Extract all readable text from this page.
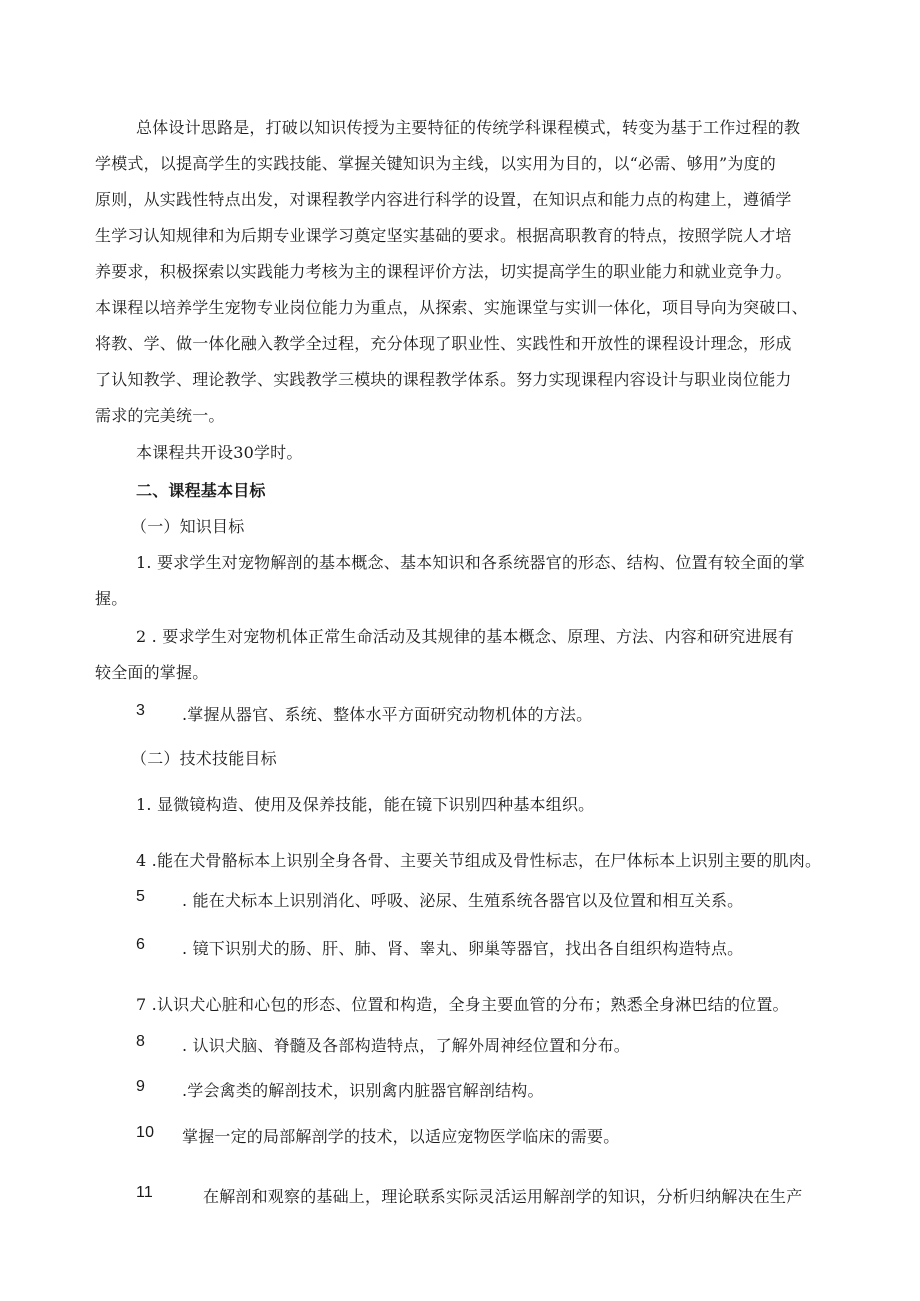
总体设计思路是，打破以知识传授为主要特征的传统学科课程模式，转变为基于工作过程的教
学模式，以提高学生的实践技能、掌握关键知识为主线，以实用为目的，以“必需、够用”为度的
原则，从实践性特点出发，对课程教学内容进行科学的设置，在知识点和能力点的构建上，遵循学
生学习认知规律和为后期专业课学习奠定坚实基础的要求。根据高职教育的特点，按照学院人才培
养要求，积极探索以实践能力考核为主的课程评价方法，切实提高学生的职业能力和就业竞争力。
本课程以培养学生宠物专业岗位能力为重点，从探索、实施课堂与实训一体化，项目导向为突破口、
将教、学、做一体化融入教学全过程，充分体现了职业性、实践性和开放性的课程设计理念，形成
了认知教学、理论教学、实践教学三模块的课程教学体系。努力实现课程内容设计与职业岗位能力
需求的完美统一。
本课程共开设30学时。
二、课程基本目标
（一）知识目标
1. 要求学生对宠物解剖的基本概念、基本知识和各系统器官的形态、结构、位置有较全面的掌
握。
2 . 要求学生对宠物机体正常生命活动及其规律的基本概念、原理、方法、内容和研究进展有
较全面的掌握。
3 .掌握从器官、系统、整体水平方面研究动物机体的方法。
（二）技术技能目标
1. 显微镜构造、使用及保养技能，能在镜下识别四种基本组织。
4 .能在犬骨骼标本上识别全身各骨、主要关节组成及骨性标志，在尸体标本上识别主要的肌肉。
5 . 能在犬标本上识别消化、呼吸、泌尿、生殖系统各器官以及位置和相互关系。
6 . 镜下识别犬的肠、肝、肺、肾、睾丸、卵巢等器官，找出各自组织构造特点。
7 .认识犬心脏和心包的形态、位置和构造，全身主要血管的分布；熟悉全身淋巴结的位置。
8 . 认识犬脑、脊髓及各部构造特点，了解外周神经位置和分布。
9 .学会禽类的解剖技术，识别禽内脏器官解剖结构。
10 掌握一定的局部解剖学的技术，以适应宠物医学临床的需要。
11	在解剖和观察的基础上，理论联系实际灵活运用解剖学的知识，分析归纳解决在生产
